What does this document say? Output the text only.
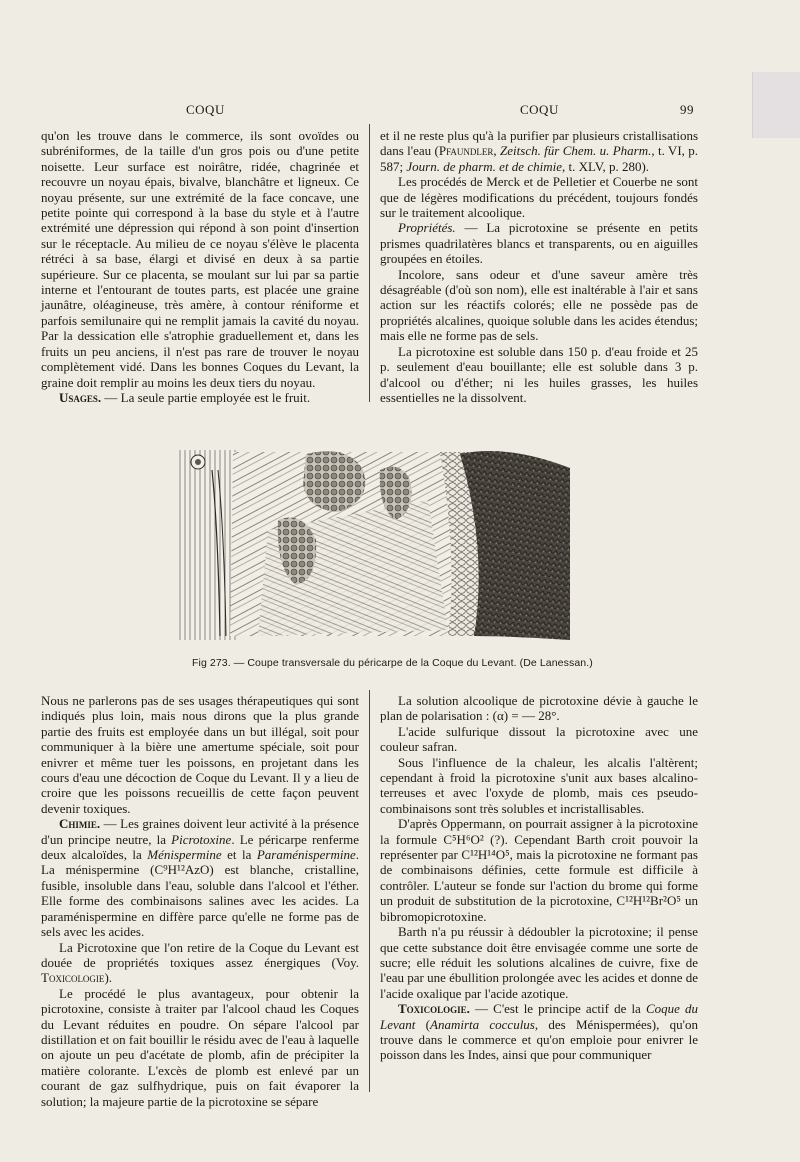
COQU	COQU	99

qu'on les trouve dans le commerce, ils sont ovoïdes ou subréniformes, de la taille d'un gros pois ou d'une petite noisette. Leur surface est noirâtre, ridée, chagrinée et recouvre un noyau épais, bivalve, blanchâtre et ligneux. Ce noyau présente, sur une extrémité de la face concave, une petite pointe qui correspond à la base du style et à l'autre extrémité une dépression qui répond à son point d'insertion sur le réceptacle. Au milieu de ce noyau s'élève le placenta rétréci à sa base, élargi et divisé en deux à sa partie supérieure. Sur ce placenta, se moulant sur lui par sa partie interne et l'entourant de toutes parts, est placée une graine jaunâtre, oléagineuse, très amère, à contour réniforme et parfois semilunaire qui ne remplit jamais la cavité du noyau. Par la dessication elle s'atrophie graduellement et, dans les fruits un peu anciens, il n'est pas rare de trouver le noyau complètement vidé. Dans les bonnes Coques du Levant, la graine doit remplir au moins les deux tiers du noyau.

Usages. — La seule partie employée est le fruit.

et il ne reste plus qu'à la purifier par plusieurs cristallisations dans l'eau (Pfaundler, Zeitsch. für Chem. u. Pharm., t. VI, p. 587; Journ. de pharm. et de chimie, t. XLV, p. 280).

Les procédés de Merck et de Pelletier et Couerbe ne sont que de légères modifications du précédent, toujours fondés sur le traitement alcoolique.

Propriétés. — La picrotoxine se présente en petits prismes quadrilatères blancs et transparents, ou en aiguilles groupées en étoiles.

Incolore, sans odeur et d'une saveur amère très désagréable (d'où son nom), elle est inaltérable à l'air et sans action sur les réactifs colorés; elle ne possède pas de propriétés alcalines, quoique soluble dans les acides étendus; mais elle ne forme pas de sels.

La picrotoxine est soluble dans 150 p. d'eau froide et 25 p. seulement d'eau bouillante; elle est soluble dans 3 p. d'alcool ou d'éther; ni les huiles grasses, les huiles essentielles ne la dissolvent.

Fig 273. — Coupe transversale du péricarpe de la Coque du Levant. (De Lanessan.)

Nous ne parlerons pas de ses usages thérapeutiques qui sont indiqués plus loin, mais nous dirons que la plus grande partie des fruits est employée dans un but illégal, soit pour communiquer à la bière une amertume spéciale, soit pour enivrer et même tuer les poissons, en projetant dans les cours d'eau une décoction de Coque du Levant. Il y a lieu de croire que les poissons recueillis de cette façon peuvent devenir toxiques.

Chimie. — Les graines doivent leur activité à la présence d'un principe neutre, la Picrotoxine. Le péricarpe renferme deux alcaloïdes, la Ménispermine et la Paraménispermine. La ménispermine (C⁹H¹²AzO) est blanche, cristalline, fusible, insoluble dans l'eau, soluble dans l'alcool et l'éther. Elle forme des combinaisons salines avec les acides. La paraménispermine en diffère parce qu'elle ne forme pas de sels avec les acides.

La Picrotoxine que l'on retire de la Coque du Levant est douée de propriétés toxiques assez énergiques (Voy. Toxicologie).

Le procédé le plus avantageux, pour obtenir la picrotoxine, consiste à traiter par l'alcool chaud les Coques du Levant réduites en poudre. On sépare l'alcool par distillation et on fait bouillir le résidu avec de l'eau à laquelle on ajoute un peu d'acétate de plomb, afin de précipiter la matière colorante. L'excès de plomb est enlevé par un courant de gaz sulfhydrique, puis on fait évaporer la solution; la majeure partie de la picrotoxine se sépare

La solution alcoolique de picrotoxine dévie à gauche le plan de polarisation : (α) = — 28°.

L'acide sulfurique dissout la picrotoxine avec une couleur safran.

Sous l'influence de la chaleur, les alcalis l'altèrent; cependant à froid la picrotoxine s'unit aux bases alcalino-terreuses et avec l'oxyde de plomb, mais ces pseudo-combinaisons sont très solubles et incristallisables.

D'après Oppermann, on pourrait assigner à la picrotoxine la formule C⁵H⁶O² (?). Cependant Barth croit pouvoir la représenter par C¹²H¹⁴O⁵, mais la picrotoxine ne formant pas de combinaisons définies, cette formule est difficile à contrôler. L'auteur se fonde sur l'action du brome qui forme un produit de substitution de la picrotoxine, C¹²H¹²Br²O⁵ un bibromopicrotoxine.

Barth n'a pu réussir à dédoubler la picrotoxine; il pense que cette substance doit être envisagée comme une sorte de sucre; elle réduit les solutions alcalines de cuivre, fixe de l'eau par une ébullition prolongée avec les acides et donne de l'acide oxalique par l'acide azotique.

Toxicologie. — C'est le principe actif de la Coque du Levant (Anamirta cocculus, des Ménispermées), qu'on trouve dans le commerce et qu'on emploie pour enivrer le poisson dans les Indes, ainsi que pour communiquer
